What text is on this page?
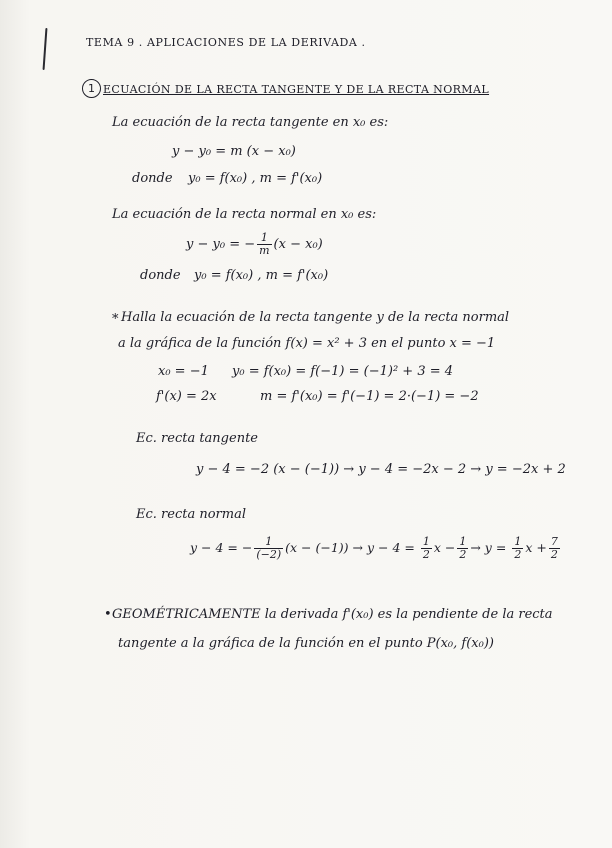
TEMA 9 . APLICACIONES DE LA DERIVADA .
1 ECUACIÓN DE LA RECTA TANGENTE Y DE LA RECTA NORMAL
La ecuación de la recta tangente en x₀ es:
y − y₀ = m (x − x₀)
donde y₀ = f(x₀) , m = f'(x₀)
La ecuación de la recta normal en x₀ es:
y − y₀ = − $\frac{1}{m} (x - x_0)$
donde y₀ = f(x₀) , m = f'(x₀)
* Halla la ecuación de la recta tangente y de la recta normal
a la gráfica de la función f(x) = x² + 3 en el punto x = −1
x₀ = −1 y₀ = f(x₀) = f(−1) = (−1)² + 3 = 4
f'(x) = 2x	m = f'(x₀) = f'(−1) = 2·(−1) = −2
Ec. recta tangente
y − 4 = −2 (x − (−1)) → y − 4 = −2x − 2 → y = −2x + 2
Ec. recta normal
y − 4 = − $\frac{1}{(-2)} (x - (-1)) \to y - 4 = \frac{1}{2}$ $x - \frac{1}{2} \to y = \frac{1}{2}$ $x + \frac{7}{2}$
• GEOMÉTRICAMENTE la derivada f'(x₀) es la pendiente de la recta
tangente a la gráfica de la función en el punto P(x₀, f(x₀))
